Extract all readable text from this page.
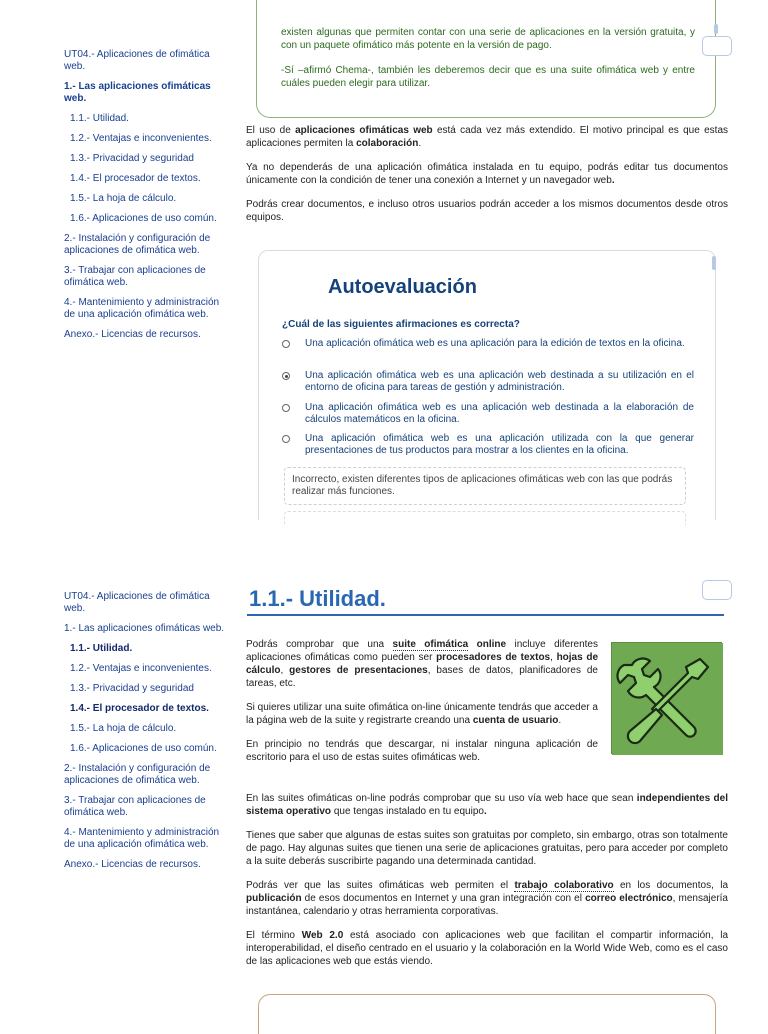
UT04.- Aplicaciones de ofimática web.
1.- Las aplicaciones ofimáticas web.
1.1.- Utilidad.
1.2.- Ventajas e inconvenientes.
1.3.- Privacidad y seguridad
1.4.- El procesador de textos.
1.5.- La hoja de cálculo.
1.6.- Aplicaciones de uso común.
2.- Instalación y configuración de aplicaciones de ofimática web.
3.- Trabajar con aplicaciones de ofimática web.
4.- Mantenimiento y administración de una aplicación ofimática web.
Anexo.- Licencias de recursos.

existen algunas que permiten contar con una serie de aplicaciones en la versión gratuita, y con un paquete ofimático más potente en la versión de pago.

-Sí –afirmó Chema-, también les deberemos decir que es una suite ofimática web y entre cuáles pueden elegir para utilizar.

El uso de aplicaciones ofimáticas web está cada vez más extendido. El motivo principal es que estas aplicaciones permiten la colaboración.

Ya no dependerás de una aplicación ofimática instalada en tu equipo, podrás editar tus documentos únicamente con la condición de tener una conexión a Internet y un navegador web.

Podrás crear documentos, e incluso otros usuarios podrán acceder a los mismos documentos desde otros equipos.

Autoevaluación
¿Cuál de las siguientes afirmaciones es correcta?
Una aplicación ofimática web es una aplicación para la edición de textos en la oficina.
Una aplicación ofimática web es una aplicación web destinada a su utilización en el entorno de oficina para tareas de gestión y administración.
Una aplicación ofimática web es una aplicación web destinada a la elaboración de cálculos matemáticos en la oficina.
Una aplicación ofimática web es una aplicación utilizada con la que generar presentaciones de tus productos para mostrar a los clientes en la oficina.
Incorrecto, existen diferentes tipos de aplicaciones ofimáticas web con las que podrás realizar más funciones.
UT04.- Aplicaciones de ofimática web.
1.- Las aplicaciones ofimáticas web.
1.1.- Utilidad.
1.2.- Ventajas e inconvenientes.
1.3.- Privacidad y seguridad
1.4.- El procesador de textos.
1.5.- La hoja de cálculo.
1.6.- Aplicaciones de uso común.
2.- Instalación y configuración de aplicaciones de ofimática web.
3.- Trabajar con aplicaciones de ofimática web.
4.- Mantenimiento y administración de una aplicación ofimática web.
Anexo.- Licencias de recursos.
1.1.- Utilidad.

Podrás comprobar que una suite ofimática online incluye diferentes aplicaciones ofimáticas como pueden ser procesadores de textos, hojas de cálculo, gestores de presentaciones, bases de datos, planificadores de tareas, etc.

Si quieres utilizar una suite ofimática on-line únicamente tendrás que acceder a la página web de la suite y registrarte creando una cuenta de usuario.

En principio no tendrás que descargar, ni instalar ninguna aplicación de escritorio para el uso de estas suites ofimáticas web.

En las suites ofimáticas on-line podrás comprobar que su uso vía web hace que sean independientes del sistema operativo que tengas instalado en tu equipo.

Tienes que saber que algunas de estas suites son gratuitas por completo, sin embargo, otras son totalmente de pago. Hay algunas suites que tienen una serie de aplicaciones gratuitas, pero para acceder por completo a la suite deberás suscribirte pagando una determinada cantidad.

Podrás ver que las suites ofimáticas web permiten el trabajo colaborativo en los documentos, la publicación de esos documentos en Internet y una gran integración con el correo electrónico, mensajería instantánea, calendario y otras herramienta corporativas.

El término Web 2.0 está asociado con aplicaciones web que facilitan el compartir información, la interoperabilidad, el diseño centrado en el usuario y la colaboración en la World Wide Web, como es el caso de las aplicaciones web que estás viendo.
